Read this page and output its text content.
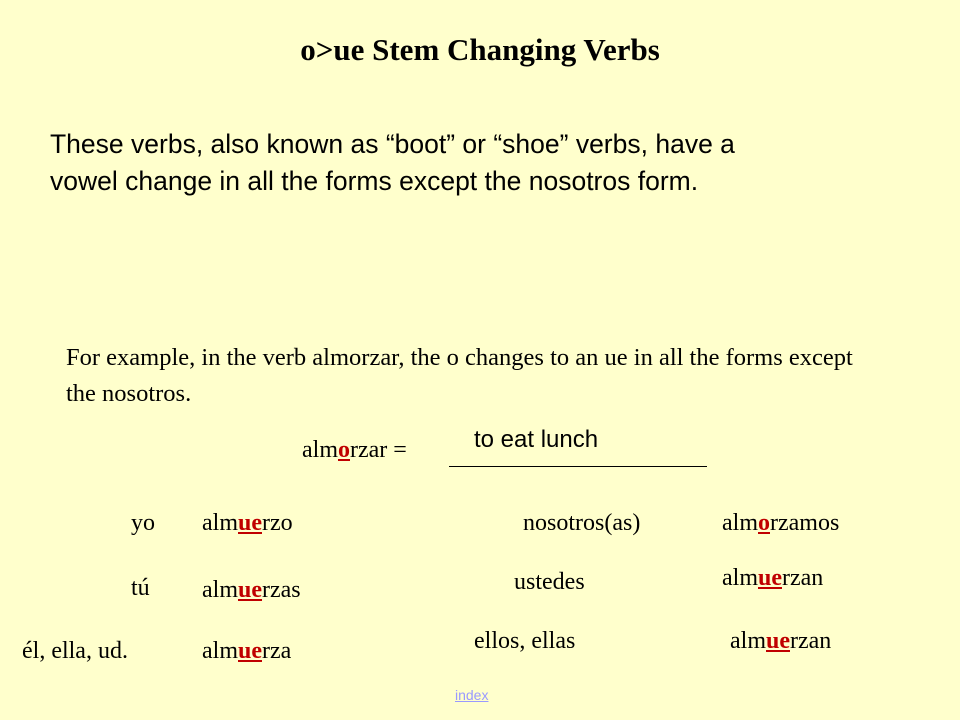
o>ue Stem Changing Verbs
These verbs, also known as “boot” or “shoe” verbs, have a vowel change in all the forms except the nosotros form.
For example, in the verb almorzar, the o changes to an ue in all the forms except the nosotros.
almorzar =	to eat lunch
yo
tú
él, ella, ud.
almuerzo
almuerzas
almuerza
nosotros(as)
ustedes
ellos, ellas
almorzamos
almuerzan
almuerzan
index
